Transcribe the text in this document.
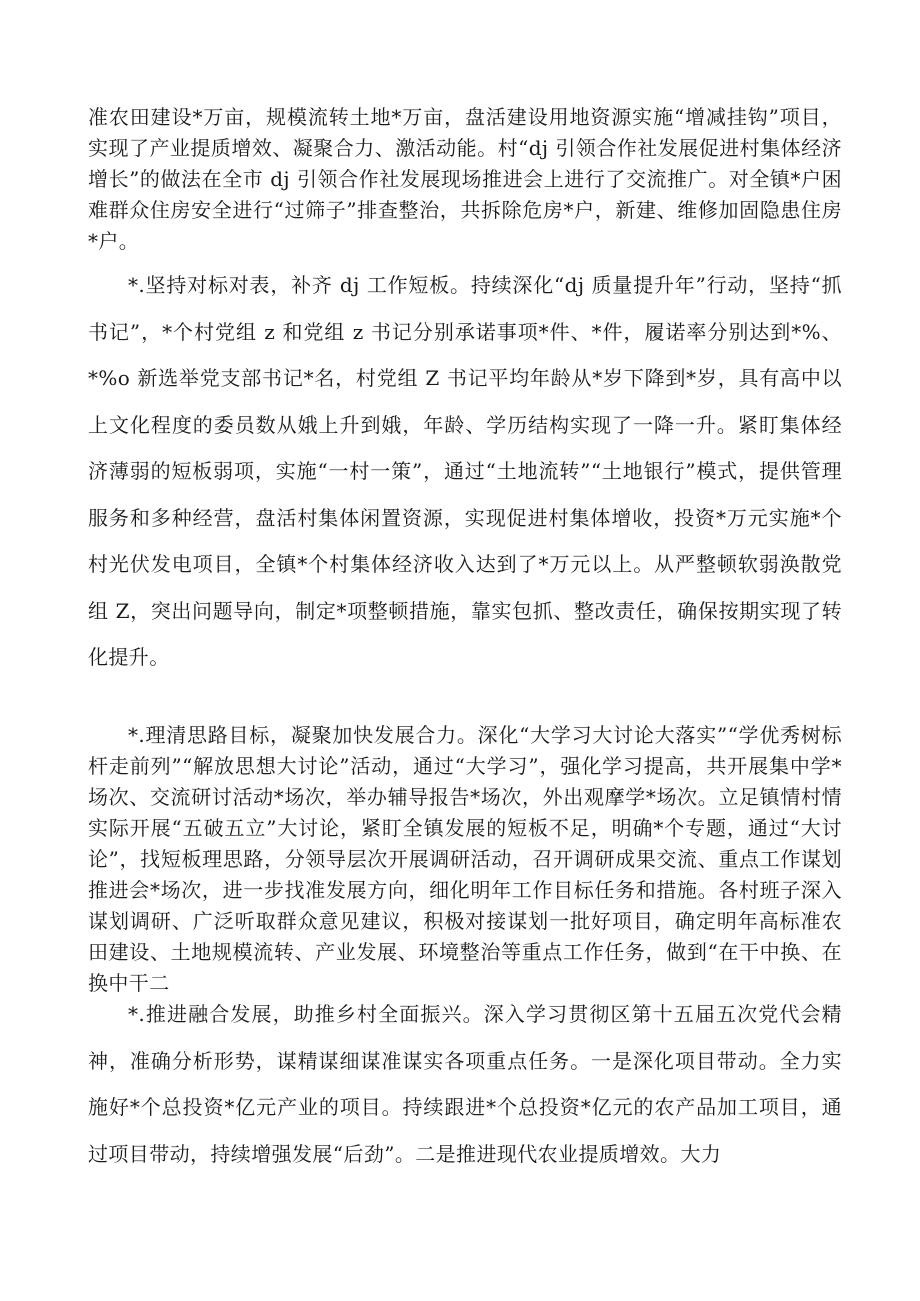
准农田建设*万亩，规模流转土地*万亩，盘活建设用地资源实施“增减挂钩”项目，实现了产业提质增效、凝聚合力、激活动能。村“dj 引领合作社发展促进村集体经济增长”的做法在全市 dj 引领合作社发展现场推进会上进行了交流推广。对全镇*户困难群众住房安全进行“过筛子”排查整治，共拆除危房*户，新建、维修加固隐患住房*户。

*.坚持对标对表，补齐 dj 工作短板。持续深化“dj 质量提升年”行动，坚持“抓书记”，*个村党组 z 和党组 z 书记分别承诺事项*件、*件，履诺率分别达到*%、*%o 新选举党支部书记*名，村党组 Z 书记平均年龄从*岁下降到*岁，具有高中以上文化程度的委员数从娥上升到娥，年龄、学历结构实现了一降一升。紧盯集体经济薄弱的短板弱项，实施“一村一策”，通过“土地流转”“土地银行”模式，提供管理服务和多种经营，盘活村集体闲置资源，实现促进村集体增收，投资*万元实施*个村光伏发电项目，全镇*个村集体经济收入达到了*万元以上。从严整顿软弱涣散党组 Z，突出问题导向，制定*项整顿措施，靠实包抓、整改责任，确保按期实现了转化提升。

*.理清思路目标，凝聚加快发展合力。深化“大学习大讨论大落实”“学优秀树标杆走前列”“解放思想大讨论”活动，通过“大学习”，强化学习提高，共开展集中学*场次、交流研讨活动*场次，举办辅导报告*场次，外出观摩学*场次。立足镇情村情实际开展“五破五立”大讨论，紧盯全镇发展的短板不足，明确*个专题，通过“大讨论”，找短板理思路，分领导层次开展调研活动，召开调研成果交流、重点工作谋划推进会*场次，进一步找准发展方向，细化明年工作目标任务和措施。各村班子深入谋划调研、广泛听取群众意见建议，积极对接谋划一批好项目，确定明年高标准农田建设、土地规模流转、产业发展、环境整治等重点工作任务，做到“在干中换、在换中干二

*.推进融合发展，助推乡村全面振兴。深入学习贯彻区第十五届五次党代会精神，准确分析形势，谋精谋细谋准谋实各项重点任务。一是深化项目带动。全力实施好*个总投资*亿元产业的项目。持续跟进*个总投资*亿元的农产品加工项目，通过项目带动，持续增强发展“后劲”。二是推进现代农业提质增效。大力
